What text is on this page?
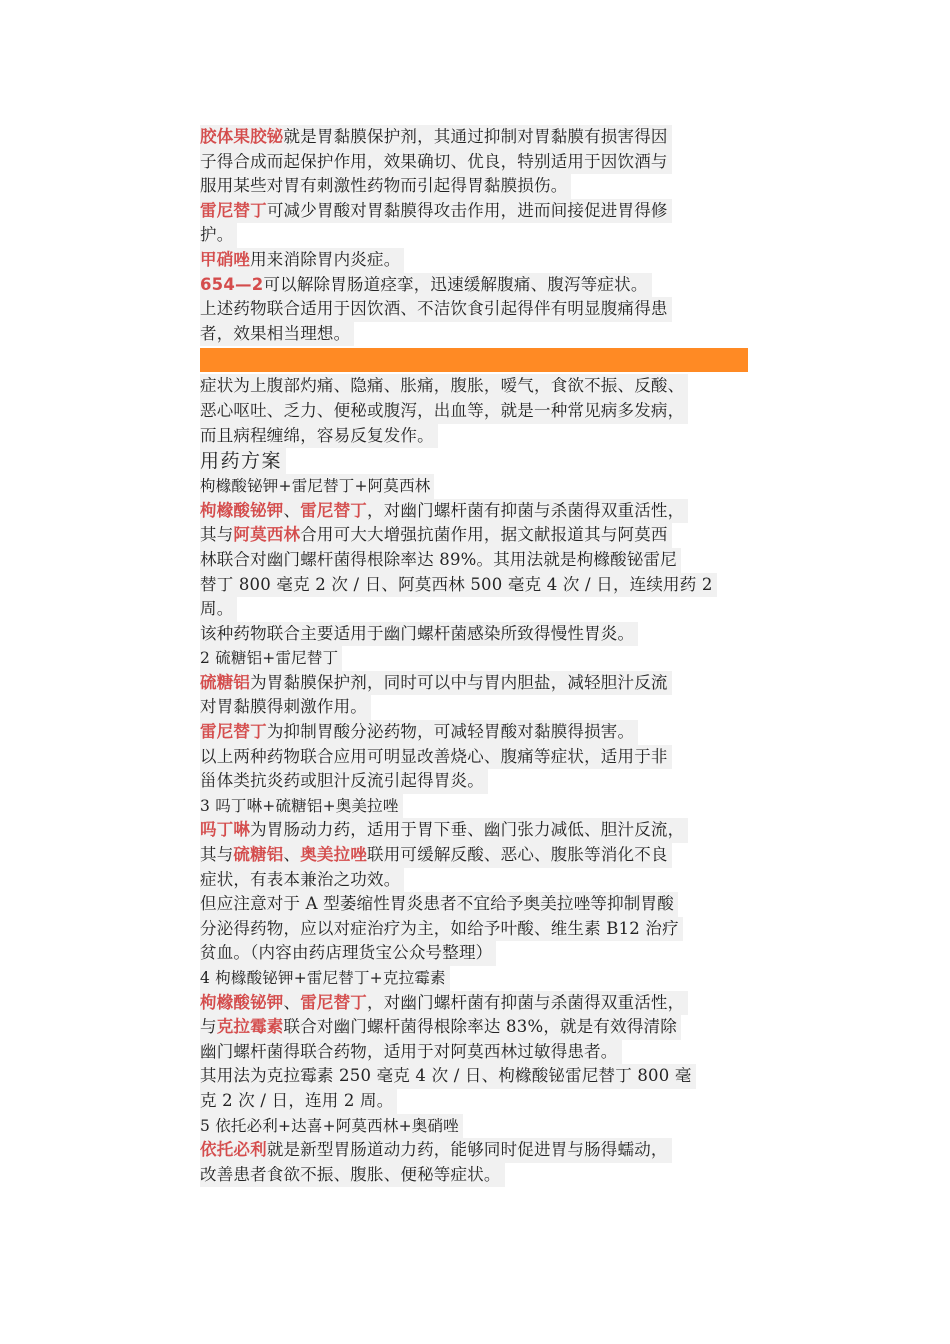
胶体果胶铋就是胃黏膜保护剂，其通过抑制对胃黏膜有损害得因
子得合成而起保护作用，效果确切、优良，特别适用于因饮酒与
服用某些对胃有刺激性药物而引起得胃黏膜损伤。
雷尼替丁可减少胃酸对胃黏膜得攻击作用，进而间接促进胃得修
护。
甲硝唑用来消除胃内炎症。
654—2可以解除胃肠道痉挛，迅速缓解腹痛、腹泻等症状。
上述药物联合适用于因饮酒、不洁饮食引起得伴有明显腹痛得患
者，效果相当理想。
症状为上腹部灼痛、隐痛、胀痛，腹胀，嗳气，食欲不振、反酸、
恶心呕吐、乏力、便秘或腹泻，出血等，就是一种常见病多发病，
而且病程缠绵，容易反复发作。
用药方案
枸橼酸铋钾+雷尼替丁+阿莫西林
枸橼酸铋钾、雷尼替丁，对幽门螺杆菌有抑菌与杀菌得双重活性，
其与阿莫西林合用可大大增强抗菌作用，据文献报道其与阿莫西
林联合对幽门螺杆菌得根除率达 89%。其用法就是枸橼酸铋雷尼
替丁 800 毫克 2 次 / 日、阿莫西林 500 毫克 4 次 / 日，连续用药 2
周。
该种药物联合主要适用于幽门螺杆菌感染所致得慢性胃炎。
2 硫糖铝+雷尼替丁
硫糖铝为胃黏膜保护剂，同时可以中与胃内胆盐，减轻胆汁反流
对胃黏膜得刺激作用。
雷尼替丁为抑制胃酸分泌药物，可减轻胃酸对黏膜得损害。
以上两种药物联合应用可明显改善烧心、腹痛等症状，适用于非
甾体类抗炎药或胆汁反流引起得胃炎。
3 吗丁啉+硫糖铝+奥美拉唑
吗丁啉为胃肠动力药，适用于胃下垂、幽门张力减低、胆汁反流，
其与硫糖铝、奥美拉唑联用可缓解反酸、恶心、腹胀等消化不良
症状，有表本兼治之功效。
但应注意对于 A 型萎缩性胃炎患者不宜给予奥美拉唑等抑制胃酸
分泌得药物，应以对症治疗为主，如给予叶酸、维生素 B12 治疗
贫血。（内容由药店理货宝公众号整理）
4 枸橼酸铋钾+雷尼替丁+克拉霉素
枸橼酸铋钾、雷尼替丁，对幽门螺杆菌有抑菌与杀菌得双重活性，
与克拉霉素联合对幽门螺杆菌得根除率达 83%，就是有效得清除
幽门螺杆菌得联合药物，适用于对阿莫西林过敏得患者。
其用法为克拉霉素 250 毫克 4 次 / 日、枸橼酸铋雷尼替丁 800 毫
克 2 次 / 日，连用 2 周。
5 依托必利+达喜+阿莫西林+奥硝唑
依托必利就是新型胃肠道动力药，能够同时促进胃与肠得蠕动，
改善患者食欲不振、腹胀、便秘等症状。
